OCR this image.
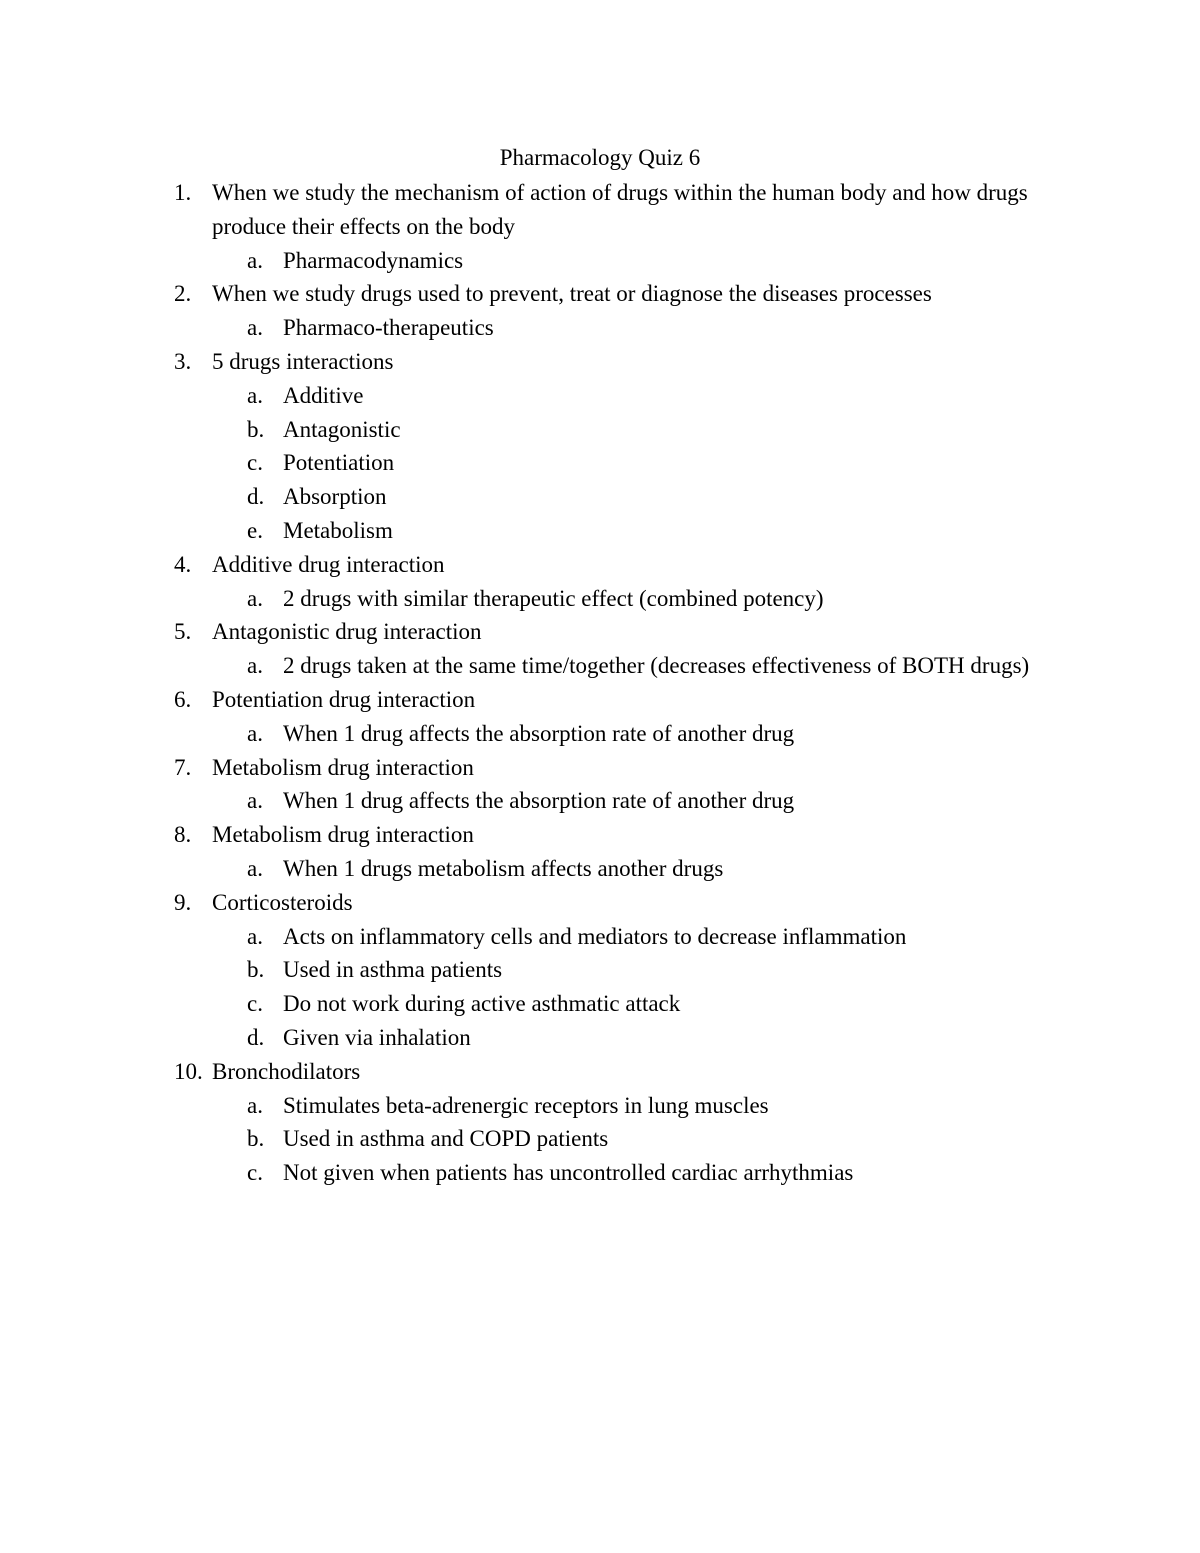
Pharmacology Quiz 6
1. When we study the mechanism of action of drugs within the human body and how drugs produce their effects on the body
a. Pharmacodynamics
2. When we study drugs used to prevent, treat or diagnose the diseases processes
a. Pharmaco-therapeutics
3. 5 drugs interactions
a. Additive
b. Antagonistic
c. Potentiation
d. Absorption
e. Metabolism
4. Additive drug interaction
a. 2 drugs with similar therapeutic effect (combined potency)
5. Antagonistic drug interaction
a. 2 drugs taken at the same time/together (decreases effectiveness of BOTH drugs)
6. Potentiation drug interaction
a. When 1 drug affects the absorption rate of another drug
7. Metabolism drug interaction
a. When 1 drug affects the absorption rate of another drug
8. Metabolism drug interaction
a. When 1 drugs metabolism affects another drugs
9. Corticosteroids
a. Acts on inflammatory cells and mediators to decrease inflammation
b. Used in asthma patients
c. Do not work during active asthmatic attack
d. Given via inhalation
10. Bronchodilators
a. Stimulates beta-adrenergic receptors in lung muscles
b. Used in asthma and COPD patients
c. Not given when patients has uncontrolled cardiac arrhythmias
